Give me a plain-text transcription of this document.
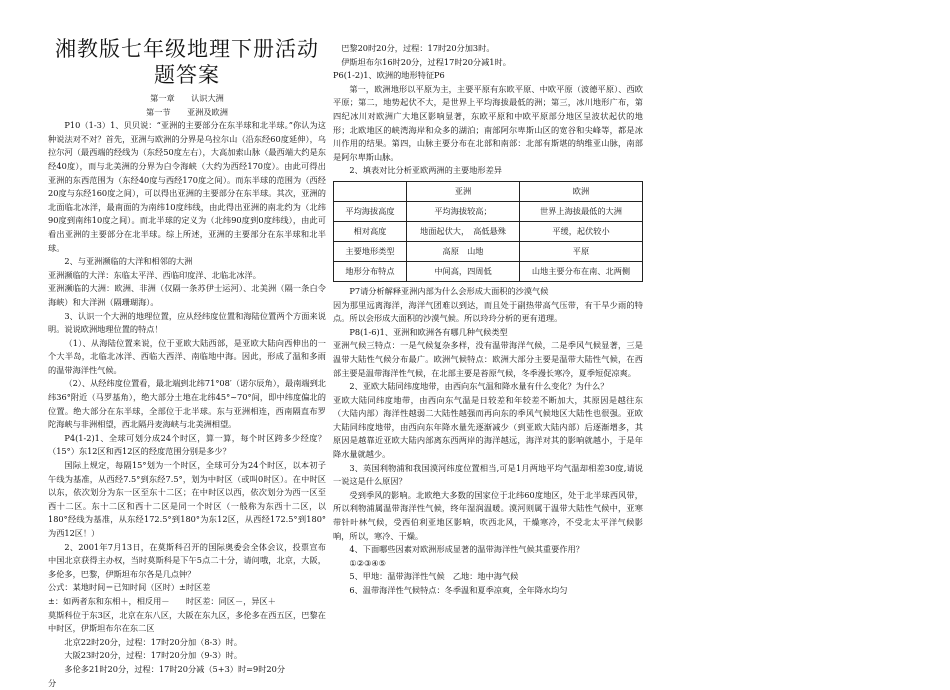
湘教版七年级地理下册活动题答案
第一章　　认识大洲
第一节　　亚洲及欧洲

P10（1-3）1、贝贝说：“亚洲的主要部分在东半球和北半球。”你认为这种说法对不对？首先，亚洲与欧洲的分界是乌拉尔山（沿东经60度延伸），乌拉尔河（最西端的经线为（东经50度左右），大高加索山脉（最西端大约是东经40度），而与北美洲的分界为白令海峡（大约为西经170度）。由此可得出亚洲的东西范围为（东经40度与西经170度之间）。而东半球的范围为（西经20度与东经160度之间），可以得出亚洲的主要部分在东半球。其次，亚洲的北面临北冰洋，最南面的为南纬10度纬线，由此得出亚洲的南北约为（北纬90度到南纬10度之间）。而北半球的定义为（北纬90度到0度纬线），由此可看出亚洲的主要部分在北半球。综上所述，亚洲的主要部分在东半球和北半球。

2、与亚洲濒临的大洋和相邻的大洲

亚洲濒临的大洋：东临太平洋、西临印度洋、北临北冰洋。

亚洲濒临的大洲：欧洲、非洲（仅隔一条苏伊士运河）、北美洲（隔一条白令海峡）和大洋洲（隔珊瑚海）。

3、认识一个大洲的地理位置，应从经纬度位置和海陆位置两个方面来说明。说说欧洲地理位置的特点！

（1）、从海陆位置来说，位于亚欧大陆西部，是亚欧大陆向西伸出的一个大半岛，北临北冰洋、西临大西洋、南临地中海。因此，形成了温和多雨的温带海洋性气候。

（2）、从经纬度位置看，最北端到北纬71°08′（诺尔辰角），最南端到北纬36°附近（马罗基角），绝大部分土地在北纬45°~70°间，即中纬度偏北的位置。绝大部分在东半球，全部位于北半球。东与亚洲相连，西南隔直布罗陀海峡与非洲相望，西北隔丹麦海峡与北美洲相望。

P4(1-2)1、全球可划分成24个时区，算一算，每个时区跨多少经度？（15°）东12区和西12区的经度范围分别是多少？

国际上规定，每隔15°划为一个时区，全球可分为24个时区，以本初子午线为基准，从西经7.5°到东经7.5°，划为中时区（或叫0时区）。在中时区以东，依次划分为东一区至东十二区；在中时区以西，依次划分为西一区至西十二区。东十二区和西十二区是同一个时区（一般称为东西十二区，以180°经线为基准，从东经172.5°到180°为东12区，从西经172.5°到180°为西12区！）

2、2001年7月13日，在莫斯科召开的国际奥委会全体会议，投票宣布中国北京获得主办权，当时莫斯科是下午5点二十分，请问哦，北京，大阪，多伦多，巴黎，伊斯坦布尔各是几点钟？

公式：某地时间＝已知时间（区时）±时区差

±：如两者东和东相＋，相反用－　　时区差：同区－，异区＋

莫斯科位于东3区，北京在东八区，大阪在东九区，多伦多在西五区，巴黎在中时区，伊斯坦布尔在东二区

北京22时20分，过程：17时20分加（8-3）时。

大阪23时20分，过程：17时20分加（9-3）时。

多伦多21时20分，过程：17时20分减（5+3）时=9时20分

分

巴黎20时20分，过程：17时20分加3时。

伊斯坦布尔16时20分，过程17时20分减1时。

P6(1-2)1、欧洲的地形特征P6

第一，欧洲地形以平原为主，主要平原有东欧平原、中欧平原（波德平原）、西欧平原；第二，地势起伏不大，是世界上平均海拔最低的洲；第三，冰川地形广布，第四纪冰川对欧洲广大地区影响显著，东欧平原和中欧平原部分地区呈波状起伏的地形；北欧地区的峡湾海岸和众多的湖泊；南部阿尔卑斯山区的宽谷和尖峰等，都是冰川作用的结果。第四，山脉主要分布在北部和南部：北部有斯堪的纳维亚山脉，南部是阿尔卑斯山脉。

2、填表对比分析亚欧两洲的主要地形差异

	亚洲	欧洲
平均海拔高度	平均海拔较高；	世界上海拔最低的大洲
相对高度	地面起伏大，　高低悬殊	平缓，起伏较小
主要地形类型	高原　山地	平原
地形分布特点	中间高，四周低	山地主要分布在南、北两侧

P7请分析解释亚洲内部为什么会形成大面积的沙漠气候

因为那里远离海洋，海洋气团难以到达，而且处于副热带高气压带，有干旱少雨的特点。所以会形成大面积的沙漠气候。所以玲玲分析的更有道理。

P8(1-6)1、亚洲和欧洲各有哪几种气候类型

亚洲气候三特点：一是气候复杂多样，没有温带海洋气候，二是季风气候显著，三是温带大陆性气候分布最广。欧洲气候特点：欧洲大部分主要是温带大陆性气候，在西部主要是温带海洋性气候，在北部主要是苔原气候，冬季漫长寒冷，夏季短促凉爽。

2、亚欧大陆同纬度地带，由西向东气温和降水量有什么变化？为什么？

亚欧大陆同纬度地带，由西向东气温是日较差和年较差不断加大，其原因是越往东（大陆内部）海洋性越弱二大陆性越强而再向东的季风气候地区大陆性也很强。亚欧大陆同纬度地带，由西向东年降水量先逐渐减少（到亚欧大陆内部）后逐渐增多，其原因是越靠近亚欧大陆内部离东西两岸的海洋越远，海洋对其的影响就越小，于是年降水量就越少。

3、英国利物浦和我国漠河纬度位置相当,可是1月两地平均气温却相差30度,请说一说这是什么原因？

受到季风的影响。北欧绝大多数的国家位于北纬60度地区，处于北半球西风带，所以利物浦属温带海洋性气候，终年湿润温暖。漠河则属于温带大陆性气候中，亚寒带针叶林气候，受西伯利亚地区影响，吹西北风，干燥寒冷，不受北太平洋气候影响，所以，寒冷、干燥。

4、下面哪些因素对欧洲形成显著的温带海洋性气候其重要作用？

①②③④⑤

5、甲地：温带海洋性气候　乙地：地中海气候

6、温带海洋性气候特点：冬季温和夏季凉爽，全年降水均匀
